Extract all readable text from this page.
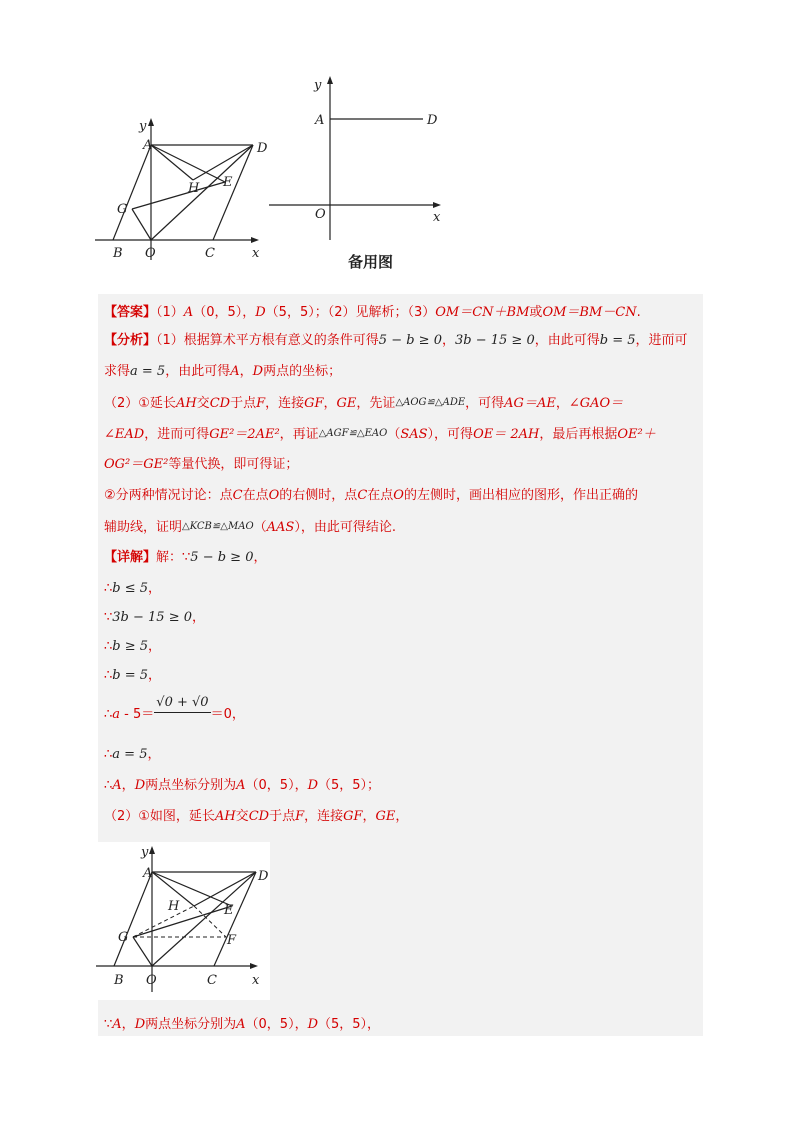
y
A	D
H E
G
B O	C	x
y
A	D
O	x
备用图
【答案】（1）A（0，5），D（5，5）；（2）见解析；（3）OM＝CN＋BM或OM＝BM－CN.
【分析】（1）根据算术平方根有意义的条件可得5 − b ≥ 0，3b − 15 ≥ 0，由此可得b = 5，进而可
求得a = 5，由此可得A，D两点的坐标；
（2）①延长AH交CD于点F，连接GF，GE，先证△AOG≌△ADE，可得AG＝AE，∠GAO＝
∠EAD，进而可得GE²＝2AE²，再证△AGF≌△EAO（SAS），可得OE＝ 2AH，最后再根据OE²＋
OG²＝GE²等量代换，即可得证；
②分两种情况讨论：点C在点O的右侧时，点C在点O的左侧时，画出相应的图形，作出正确的
辅助线，证明△KCB≌△MAO（AAS），由此可得结论.
【详解】解：∵5 − b ≥ 0，
∴b ≤ 5，
∵3b − 15 ≥ 0，
∴b ≥ 5，
∴b = 5，
∴a - 5＝
√0 + √0
＝0，
∴a = 5，
∴A，D两点坐标分别为A（0，5），D（5，5）；
（2）①如图，延长AH交CD于点F，连接GF，GE，
y
A	D
H	E
G	F
B O	C	x
∵A，D两点坐标分别为A（0，5），D（5，5），
